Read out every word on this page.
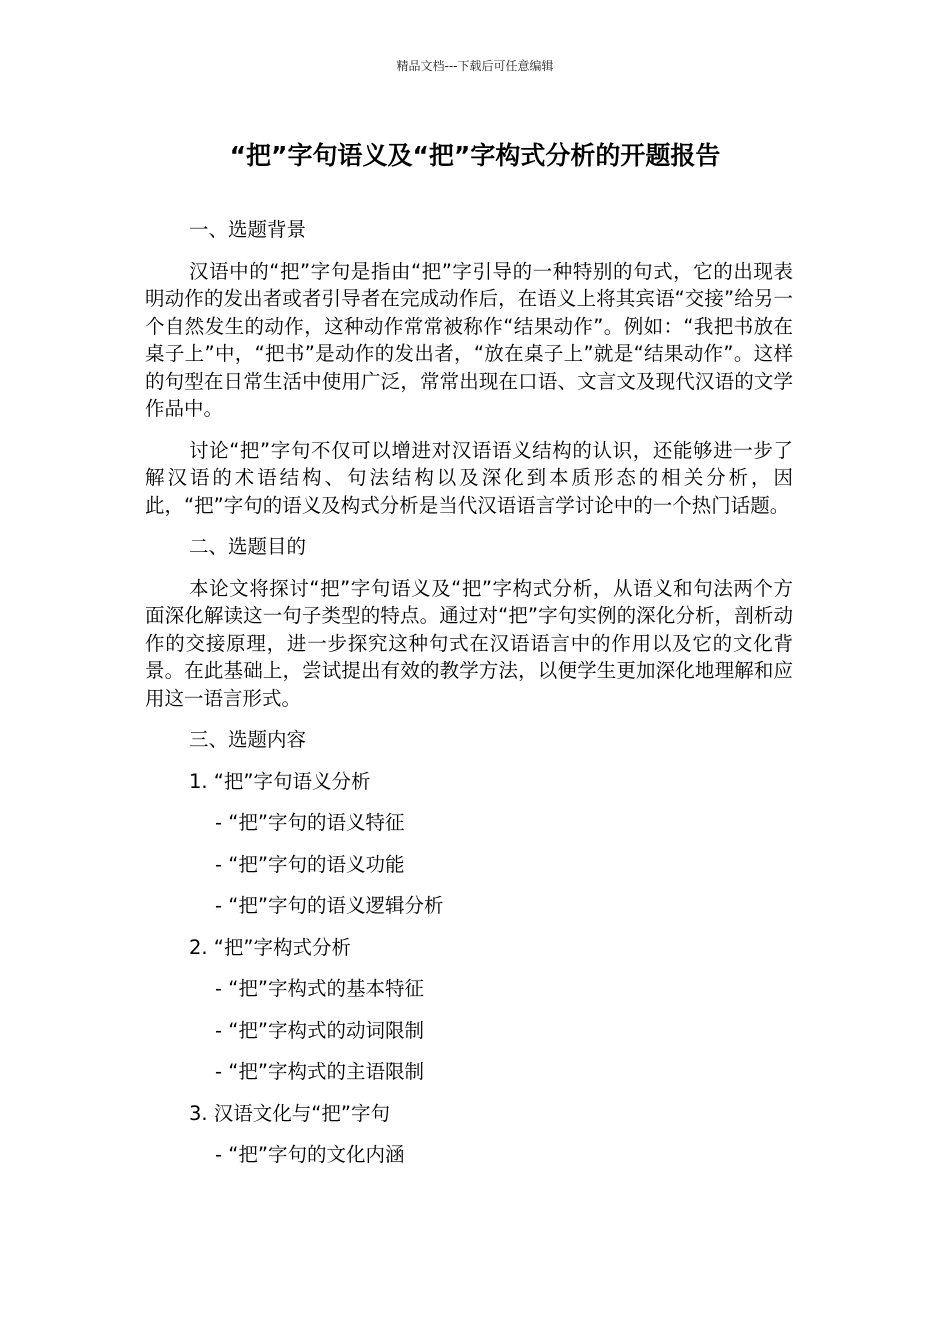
精品文档---下载后可任意编辑
“把”字句语义及“把”字构式分析的开题报告

一、选题背景

汉语中的“把”字句是指由“把”字引导的一种特别的句式，它的出现表明动作的发出者或者引导者在完成动作后，在语义上将其宾语“交接”给另一个自然发生的动作，这种动作常常被称作“结果动作”。例如：“我把书放在桌子上”中，“把书”是动作的发出者，“放在桌子上”就是“结果动作”。这样的句型在日常生活中使用广泛，常常出现在口语、文言文及现代汉语的文学作品中。

讨论“把”字句不仅可以增进对汉语语义结构的认识，还能够进一步了解汉语的术语结构、句法结构以及深化到本质形态的相关分析，因此，“把”字句的语义及构式分析是当代汉语语言学讨论中的一个热门话题。

二、选题目的

本论文将探讨“把”字句语义及“把”字构式分析，从语义和句法两个方面深化解读这一句子类型的特点。通过对“把”字句实例的深化分析，剖析动作的交接原理，进一步探究这种句式在汉语语言中的作用以及它的文化背景。在此基础上，尝试提出有效的教学方法，以便学生更加深化地理解和应用这一语言形式。

三、选题内容

1. “把”字句语义分析
- “把”字句的语义特征
- “把”字句的语义功能
- “把”字句的语义逻辑分析
2. “把”字构式分析
- “把”字构式的基本特征
- “把”字构式的动词限制
- “把”字构式的主语限制
3. 汉语文化与“把”字句
- “把”字句的文化内涵
